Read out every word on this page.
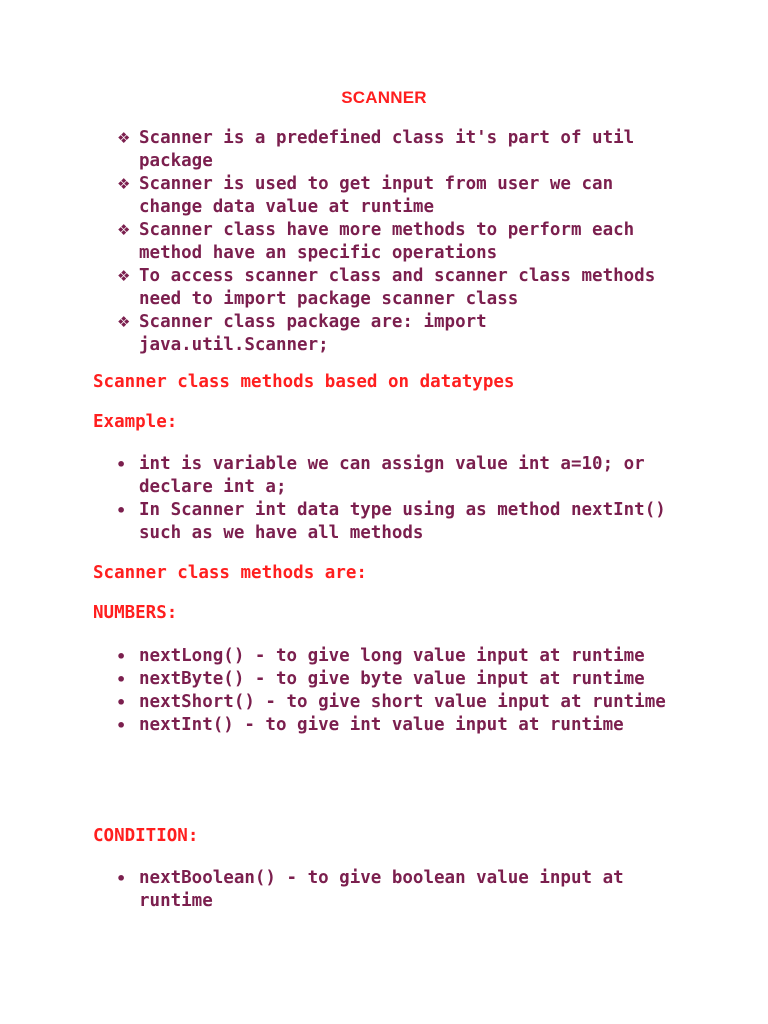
SCANNER
❖ Scanner is a predefined class it's part of util package
❖ Scanner is used to get input from user we can change data value at runtime
❖ Scanner class have more methods to perform each method have an specific operations
❖ To access scanner class and scanner class methods need to import package scanner class
❖ Scanner class package are: import java.util.Scanner;
Scanner class methods based on datatypes
Example:
• int is variable we can assign value int a=10; or declare int a;
• In Scanner int data type using as method nextInt() such as we have all methods
Scanner class methods are:
NUMBERS:
• nextLong() - to give long value input at runtime
• nextByte() - to give byte value input at runtime
• nextShort() - to give short value input at runtime
• nextInt() - to give int value input at runtime
CONDITION:
• nextBoolean() - to give boolean value input at runtime
